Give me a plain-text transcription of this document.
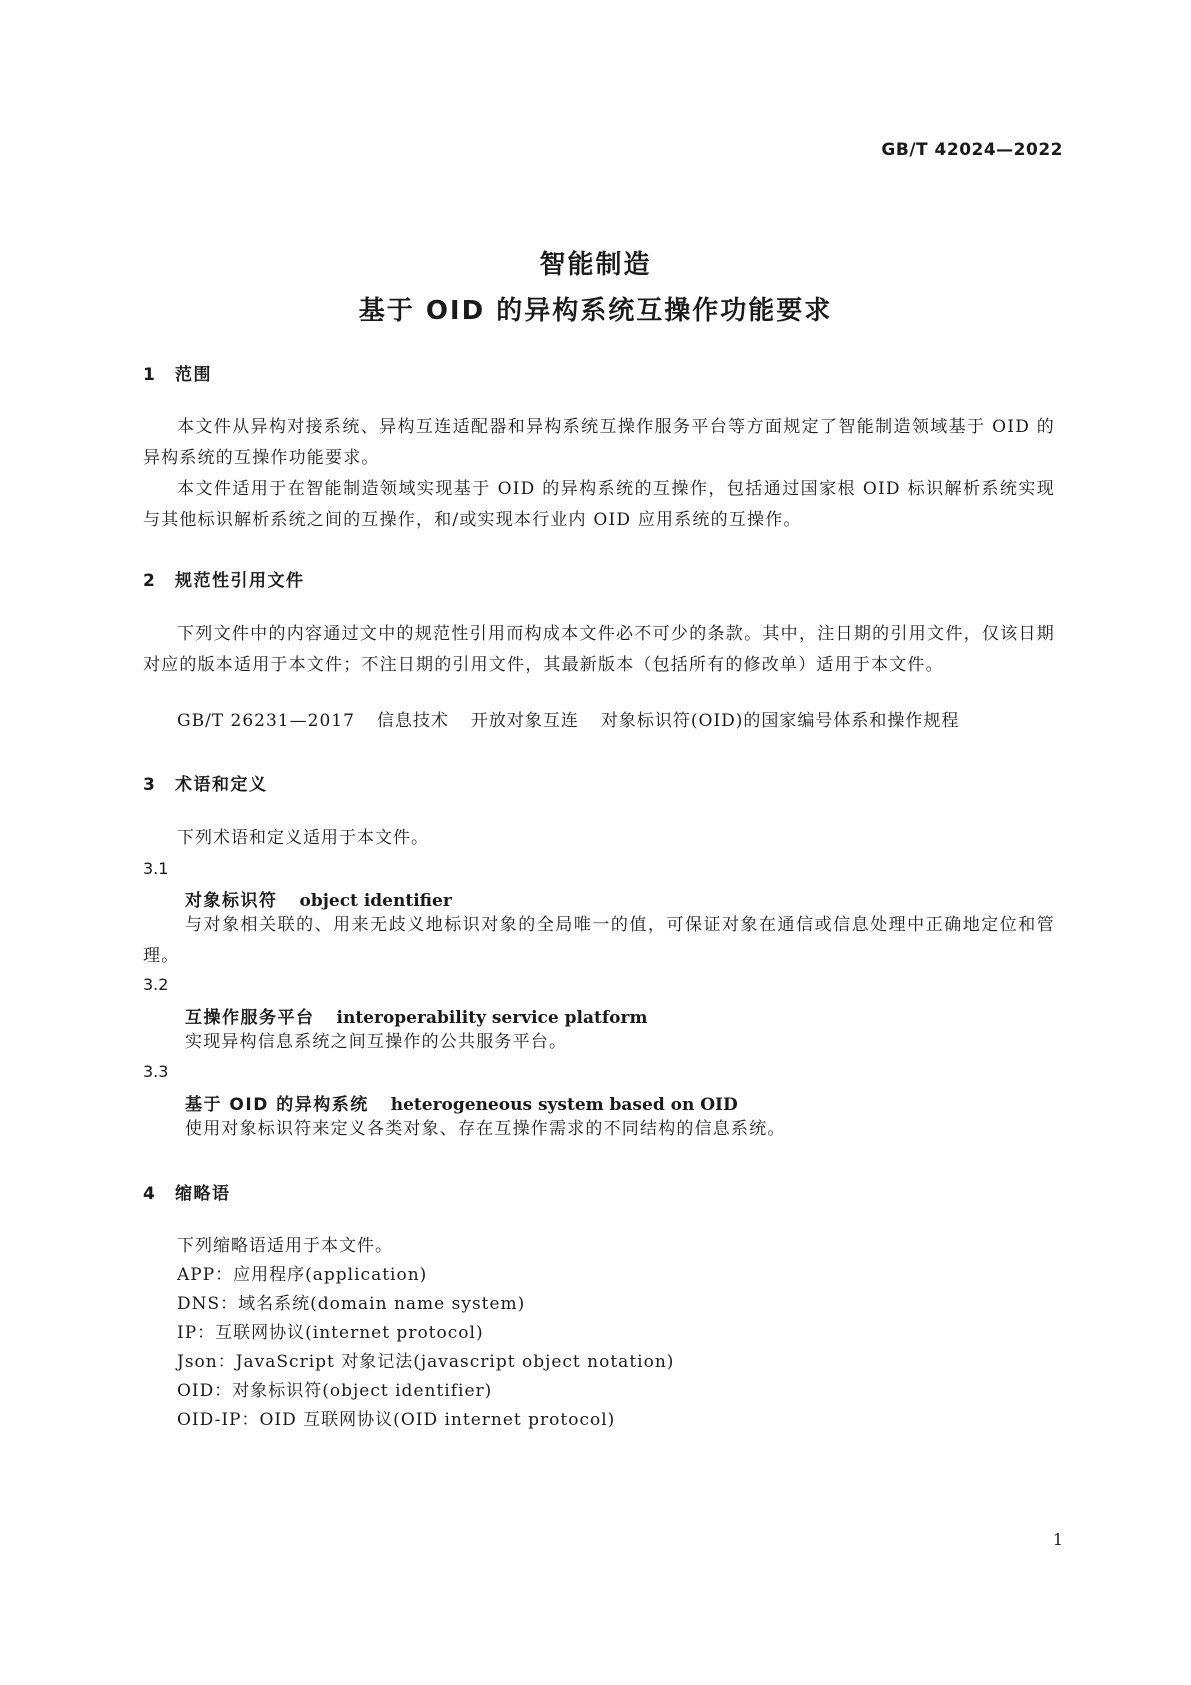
GB/T 42024—2022
智能制造
基于 OID 的异构系统互操作功能要求
1 范围
本文件从异构对接系统、异构互连适配器和异构系统互操作服务平台等方面规定了智能制造领域基于 OID 的异构系统的互操作功能要求。
本文件适用于在智能制造领域实现基于 OID 的异构系统的互操作，包括通过国家根 OID 标识解析系统实现与其他标识解析系统之间的互操作，和/或实现本行业内 OID 应用系统的互操作。
2 规范性引用文件
下列文件中的内容通过文中的规范性引用而构成本文件必不可少的条款。其中，注日期的引用文件，仅该日期对应的版本适用于本文件；不注日期的引用文件，其最新版本（包括所有的修改单）适用于本文件。
GB/T 26231—2017 信息技术 开放对象互连 对象标识符(OID)的国家编号体系和操作规程
3 术语和定义
下列术语和定义适用于本文件。
3.1
对象标识符 object identifier
与对象相关联的、用来无歧义地标识对象的全局唯一的值，可保证对象在通信或信息处理中正确地定位和管理。
3.2
互操作服务平台 interoperability service platform
实现异构信息系统之间互操作的公共服务平台。
3.3
基于 OID 的异构系统 heterogeneous system based on OID
使用对象标识符来定义各类对象、存在互操作需求的不同结构的信息系统。
4 缩略语
下列缩略语适用于本文件。
APP：应用程序(application)
DNS：域名系统(domain name system)
IP：互联网协议(internet protocol)
Json：JavaScript 对象记法(javascript object notation)
OID：对象标识符(object identifier)
OID-IP：OID 互联网协议(OID internet protocol)
1
